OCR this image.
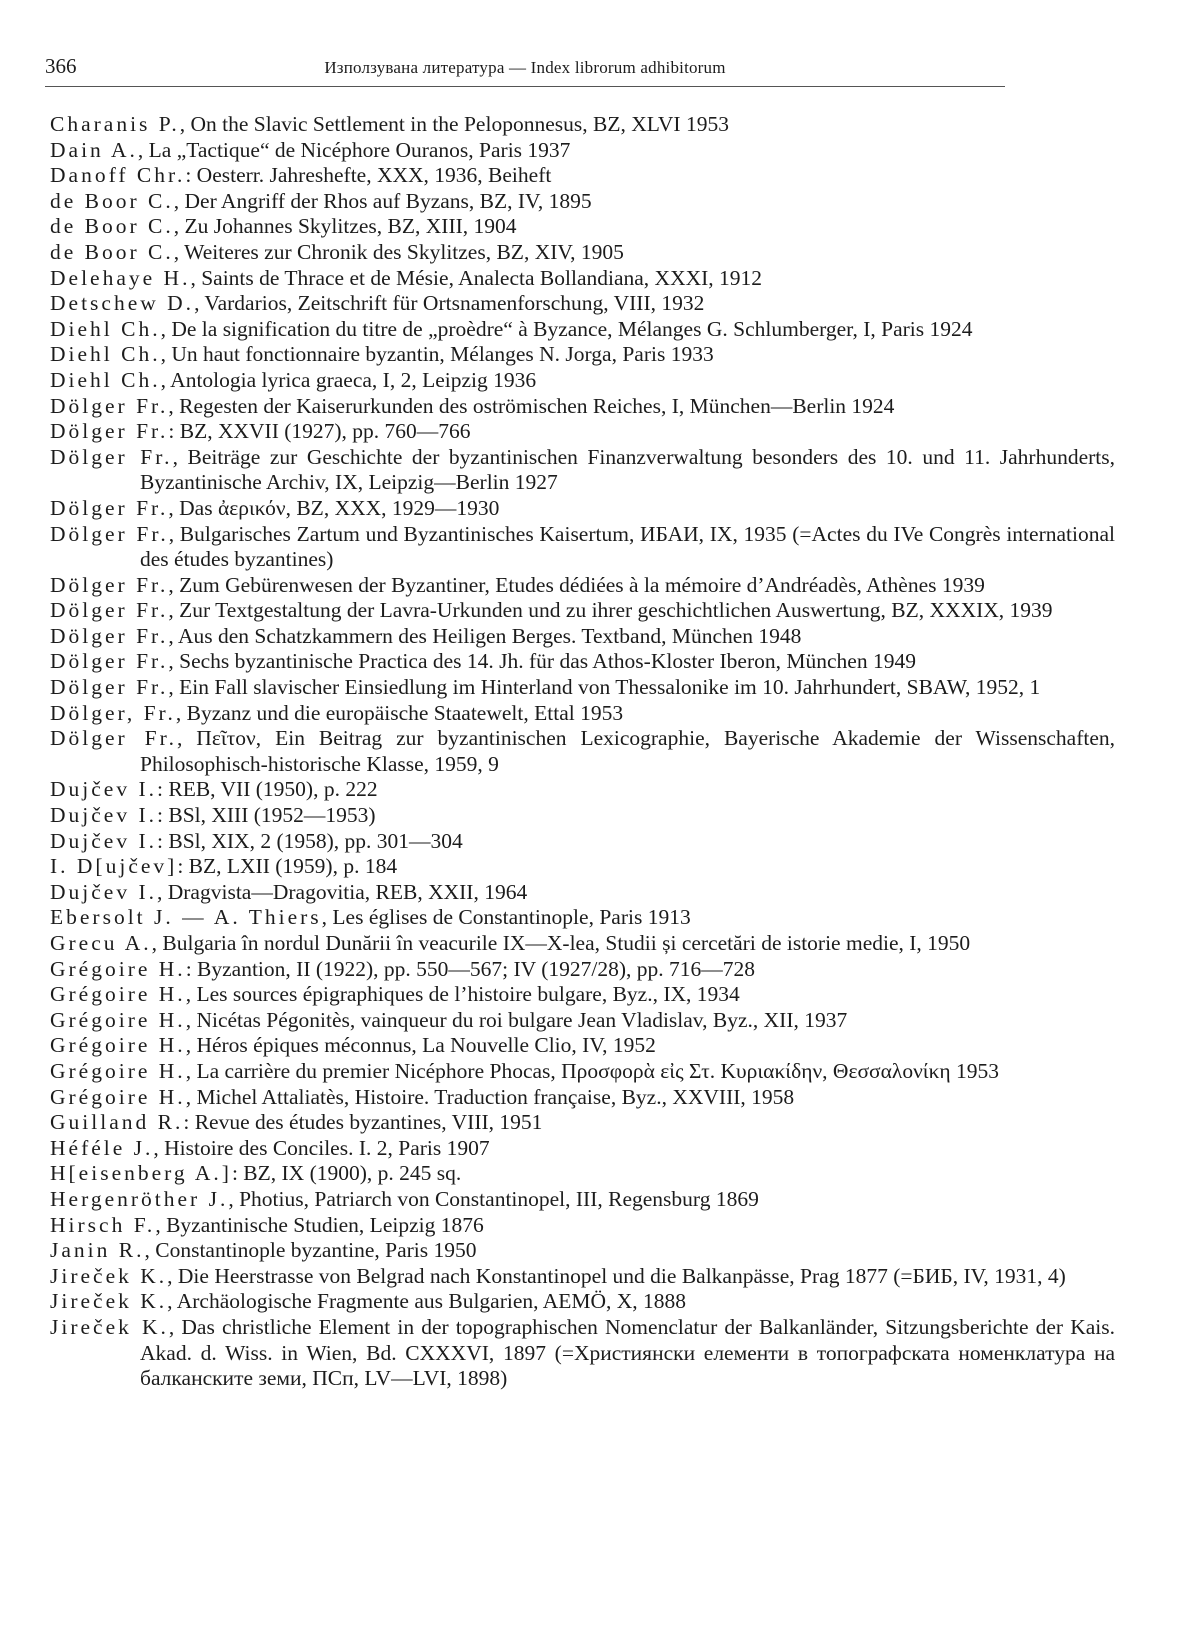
366	Използувана литература — Index librorum adhibitorum
Charanis P., On the Slavic Settlement in the Peloponnesus, BZ, XLVI 1953
Dain A., La „Tactique“ de Nicéphore Ouranos, Paris 1937
Danoff Chr.: Oesterr. Jahreshefte, XXX, 1936, Beiheft
de Boor C., Der Angriff der Rhos auf Byzans, BZ, IV, 1895
de Boor C., Zu Johannes Skylitzes, BZ, XIII, 1904
de Boor C., Weiteres zur Chronik des Skylitzes, BZ, XIV, 1905
Delehaye H., Saints de Thrace et de Mésie, Analecta Bollandiana, XXXI, 1912
Detschew D., Vardarios, Zeitschrift für Ortsnamenforschung, VIII, 1932
Diehl Ch., De la signification du titre de „proèdre“ à Byzance, Mélanges G. Schlumberger, I, Paris 1924
Diehl Ch., Un haut fonctionnaire byzantin, Mélanges N. Jorga, Paris 1933
Diehl Ch., Antologia lyrica graeca, I, 2, Leipzig 1936
Dölger Fr., Regesten der Kaiserurkunden des oströmischen Reiches, I, München—Berlin 1924
Dölger Fr.: BZ, XXVII (1927), pp. 760—766
Dölger Fr., Beiträge zur Geschichte der byzantinischen Finanzverwaltung besonders des 10. und 11. Jahrhunderts, Byzantinische Archiv, IX, Leipzig—Berlin 1927
Dölger Fr., Das ἀερικόν, BZ, XXX, 1929—1930
Dölger Fr., Bulgarisches Zartum und Byzantinisches Kaisertum, ИБАИ, IX, 1935 (=Actes du IVe Congrès international des études byzantines)
Dölger Fr., Zum Gebürenwesen der Byzantiner, Etudes dédiées à la mémoire d’Andréadès, Athènes 1939
Dölger Fr., Zur Textgestaltung der Lavra-Urkunden und zu ihrer geschichtlichen Auswertung, BZ, XXXIX, 1939
Dölger Fr., Aus den Schatzkammern des Heiligen Berges. Textband, München 1948
Dölger Fr., Sechs byzantinische Practica des 14. Jh. für das Athos-Kloster Iberon, München 1949
Dölger Fr., Ein Fall slavischer Einsiedlung im Hinterland von Thessalonike im 10. Jahrhundert, SBAW, 1952, 1
Dölger, Fr., Byzanz und die europäische Staatewelt, Ettal 1953
Dölger Fr., Πεῖτον, Ein Beitrag zur byzantinischen Lexicographie, Bayerische Akademie der Wissenschaften, Philosophisch-historische Klasse, 1959, 9
Dujčev I.: REB, VII (1950), p. 222
Dujčev I.: BSl, XIII (1952—1953)
Dujčev I.: BSl, XIX, 2 (1958), pp. 301—304
I. D[ujčev]: BZ, LXII (1959), p. 184
Dujčev I., Dragvista—Dragovitia, REB, XXII, 1964
Ebersolt J. — A. Thiers, Les églises de Constantinople, Paris 1913
Grecu A., Bulgaria în nordul Dunării în veacurile IX—X-lea, Studii și cercetări de istorie medie, I, 1950
Grégoire H.: Byzantion, II (1922), pp. 550—567; IV (1927/28), pp. 716—728
Grégoire H., Les sources épigraphiques de l’histoire bulgare, Byz., IX, 1934
Grégoire H., Nicétas Pégonitès, vainqueur du roi bulgare Jean Vladislav, Byz., XII, 1937
Grégoire H., Héros épiques méconnus, La Nouvelle Clio, IV, 1952
Grégoire H., La carrière du premier Nicéphore Phocas, Προσφορὰ εἰς Στ. Κυριακίδην, Θεσσαλονίκη 1953
Grégoire H., Michel Attaliatès, Histoire. Traduction française, Byz., XXVIII, 1958
Guilland R.: Revue des études byzantines, VIII, 1951
Héféle J., Histoire des Conciles. I. 2, Paris 1907
H[eisenberg A.]: BZ, IX (1900), p. 245 sq.
Hergenröther J., Photius, Patriarch von Constantinopel, III, Regensburg 1869
Hirsch F., Byzantinische Studien, Leipzig 1876
Janin R., Constantinople byzantine, Paris 1950
Jireček K., Die Heerstrasse von Belgrad nach Konstantinopel und die Balkanpässe, Prag 1877 (=БИБ, IV, 1931, 4)
Jireček K., Archäologische Fragmente aus Bulgarien, AEMÖ, X, 1888
Jireček K., Das christliche Element in der topographischen Nomenclatur der Balkanländer, Sitzungsberichte der Kais. Akad. d. Wiss. in Wien, Bd. CXXXVI, 1897 (=Християнски елементи в топографската номенклатура на балканските земи, ПСп, LV—LVI, 1898)
